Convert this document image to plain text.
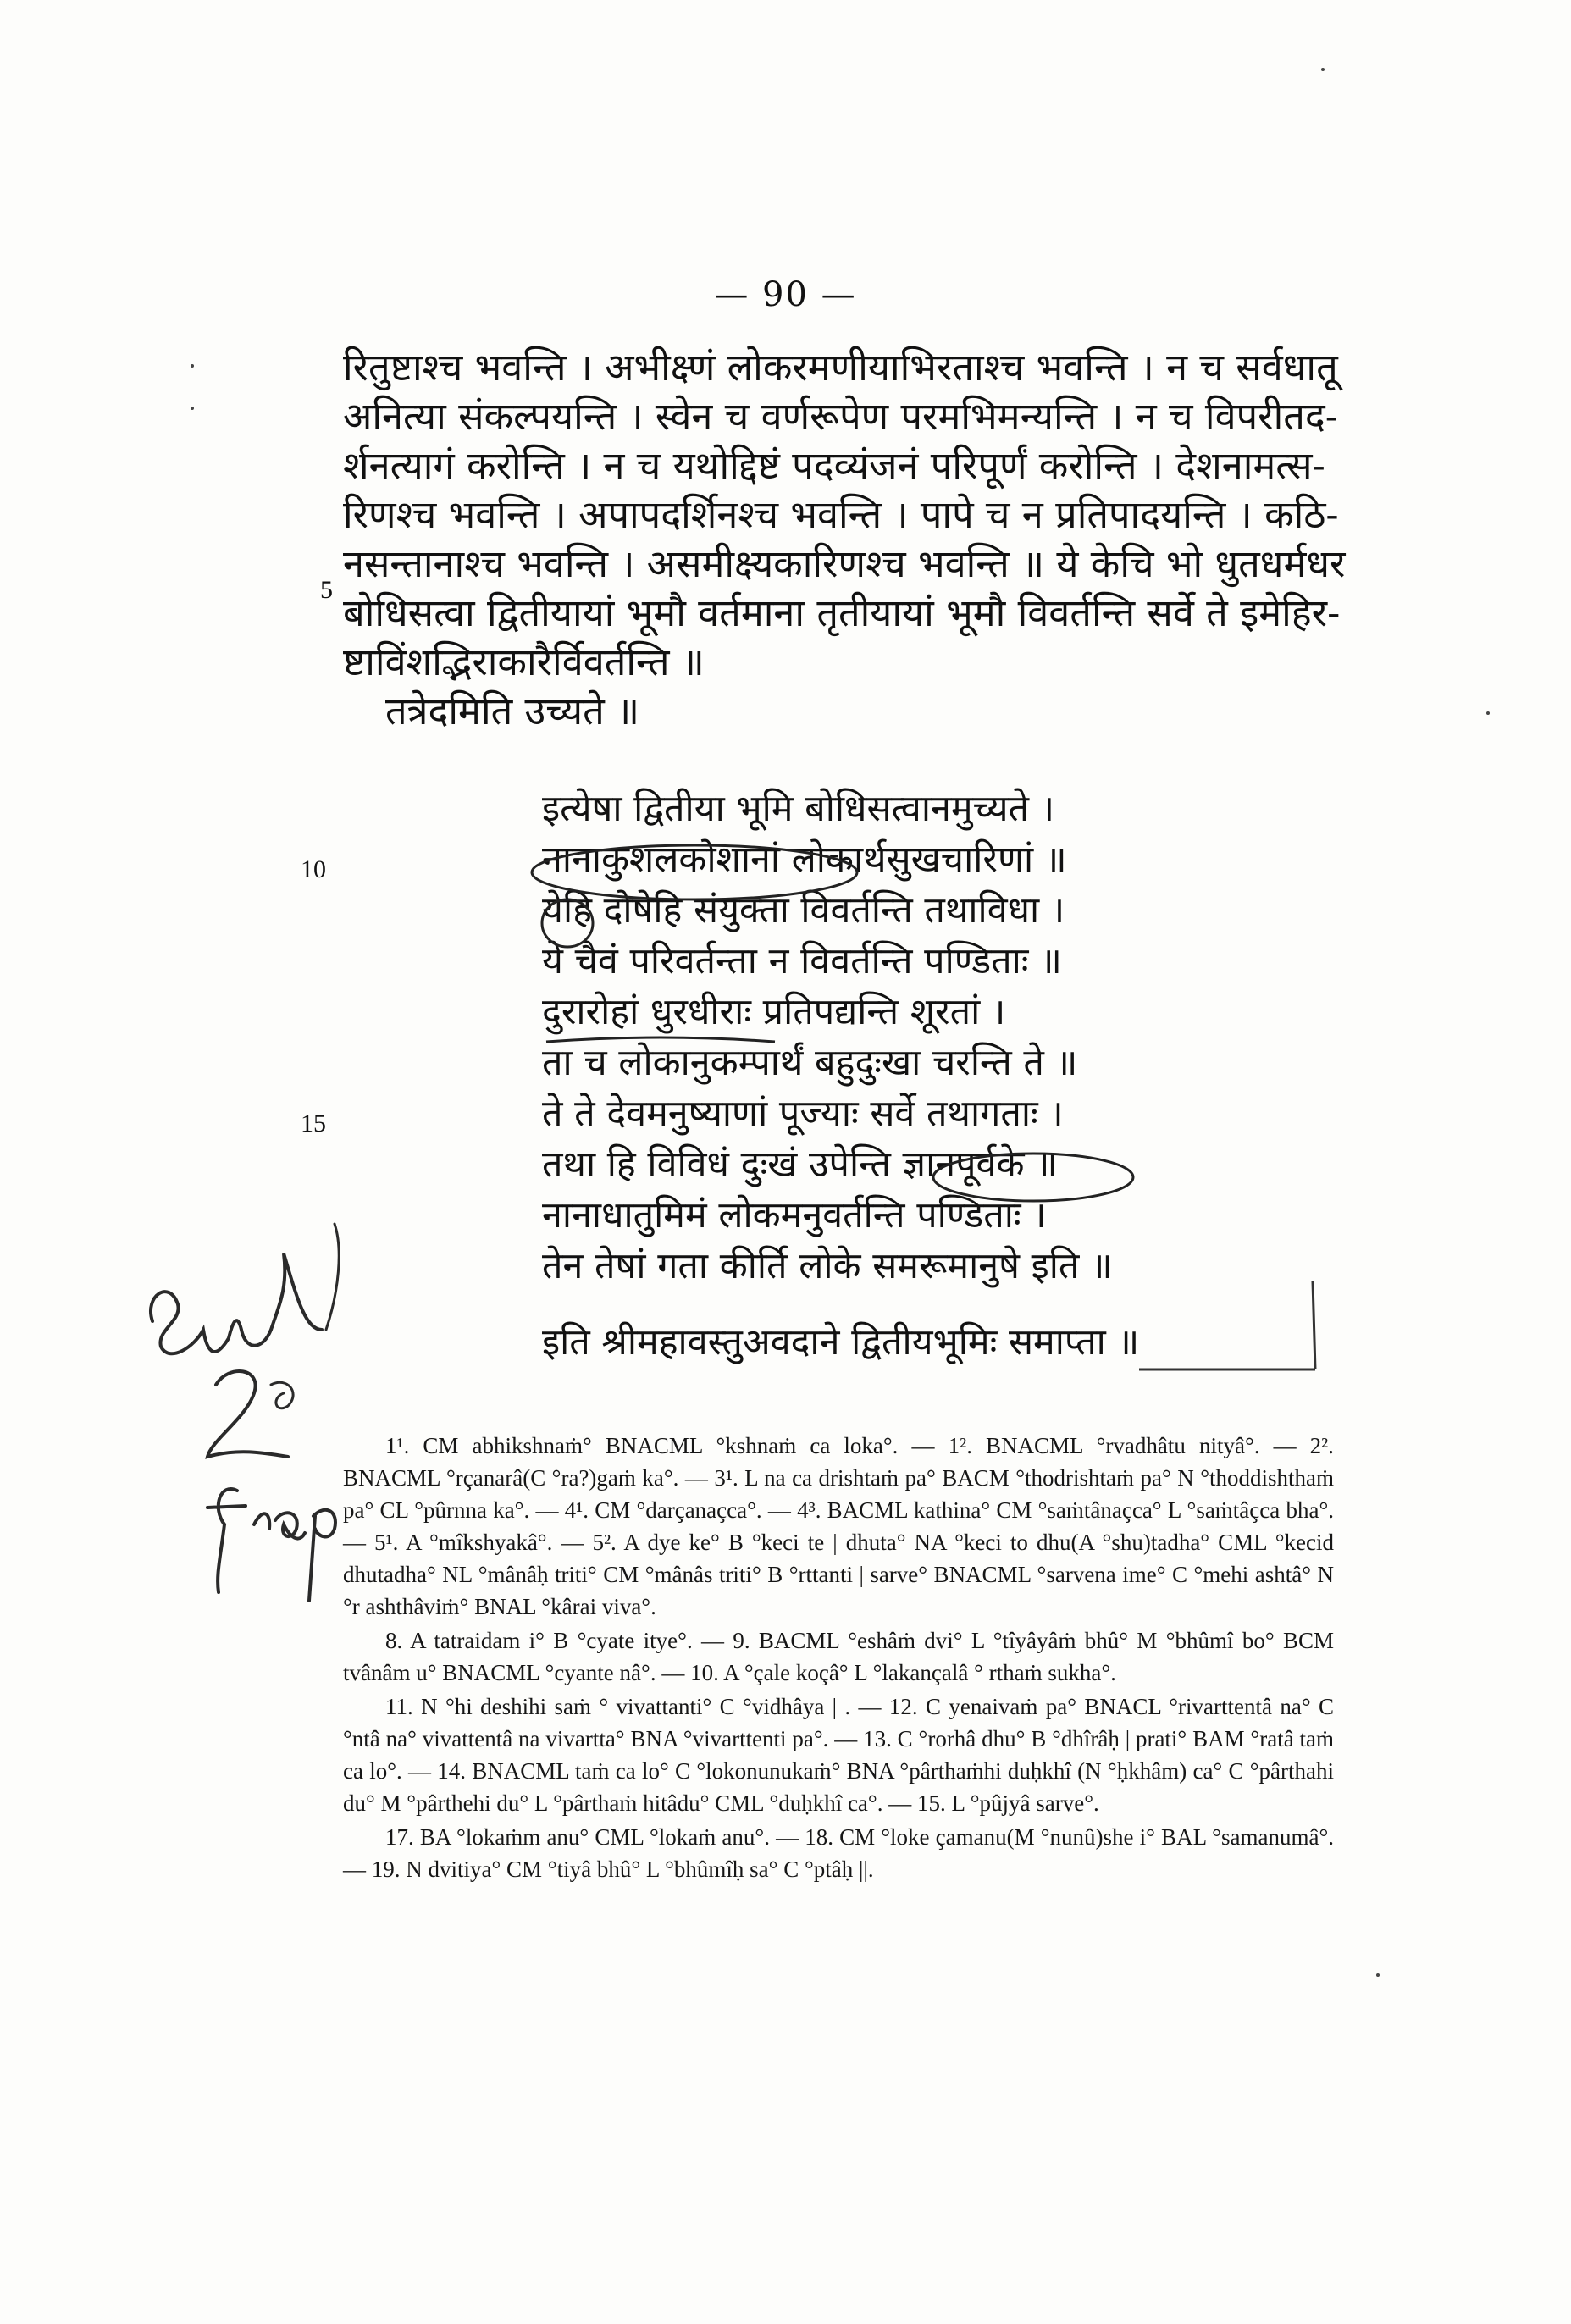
— 90 —
रितुष्टाश्च भवन्ति । अभीक्ष्णं लोकरमणीयाभिरताश्च भवन्ति । न च सर्वधातू
अनित्या संकल्पयन्ति । स्वेन च वर्णरूपेण परमभिमन्यन्ति । न च विपरीतद-
र्शनत्यागं करोन्ति । न च यथोद्दिष्टं पदव्यंजनं परिपूर्णं करोन्ति । देशनामत्स-
रिणश्च भवन्ति । अपापदर्शिनश्च भवन्ति । पापे च न प्रतिपादयन्ति । कठि-
नसन्तानाश्च भवन्ति । असमीक्ष्यकारिणश्च भवन्ति ॥ ये केचि भो धुतधर्मधर
बोधिसत्वा द्वितीयायां भूमौ वर्तमाना तृतीयायां भूमौ विवर्तन्ति सर्वे ते इमेहिर-
ष्टाविंशद्भिराकारैर्विवर्तन्ति ॥
तत्रेदमिति उच्यते ॥
5
10
15
इत्येषा द्वितीया भूमि बोधिसत्वानमुच्यते ।
नानाकुशलकोशानां लोकार्थसुखचारिणां ॥
येहि दोषेहि संयुक्ता विवर्तन्ति तथाविधा ।
ये चैवं परिवर्तन्ता न विवर्तन्ति पण्डिताः ॥
दुरारोहां धुरधीराः प्रतिपद्यन्ति शूरतां ।
ता च लोकानुकम्पार्थं बहुदुःखा चरन्ति ते ॥
ते ते देवमनुष्याणां पूज्याः सर्वे तथागताः ।
तथा हि विविधं दुःखं उपेन्ति ज्ञानपूर्वके ॥
नानाधातुमिमं लोकमनुवर्तन्ति पण्डिताः ।
तेन तेषां गता कीर्ति लोके समरूमानुषे इति ॥
इति श्रीमहावस्तुअवदाने द्वितीयभूमिः समाप्ता ॥

1¹. CM abhikshnaṁ° BNACML °kshnaṁ ca loka°. — 1². BNACML °rvadhâtu nityâ°. — 2². BNACML °rçanarâ(C °ra?)gaṁ ka°. — 3¹. L na ca drishtaṁ pa° BACM °thodrishtaṁ pa° N °thoddishthaṁ pa° CL °pûrnna ka°. — 4¹. CM °darçanaçca°. — 4³. BACML kathina° CM °saṁtânaçca° L °saṁtâçca bha°. — 5¹. A °mîkshyakâ°. — 5². A dye ke° B °keci te | dhuta° NA °keci to dhu(A °shu)tadha° CML °kecid dhutadha° NL °mânâḥ triti° CM °mânâs triti° B °rttanti | sarve° BNACML °sarvena ime° C °mehi ashtâ° N °r ashthâviṁ° BNAL °kârai viva°.

8. A tatraidam i° B °cyate itye°. — 9. BACML °eshâṁ dvi° L °tîyâyâṁ bhû° M °bhûmî bo° BCM tvânâm u° BNACML °cyante nâ°. — 10. A °çale koçâ° L °lakançalâ ° rthaṁ sukha°.

11. N °hi deshihi saṁ ° vivattanti° C °vidhâya | . — 12. C yenaivaṁ pa° BNACL °rivarttentâ na° C °ntâ na° vivattentâ na vivartta° BNA °vivarttenti pa°. — 13. C °rorhâ dhu° B °dhîrâḥ | prati° BAM °ratâ taṁ ca lo°. — 14. BNACML taṁ ca lo° C °lokonunukaṁ° BNA °pârthaṁhi duḥkhî (N °ḥkhâm) ca° C °pârthahi du° M °pârthehi du° L °pârthaṁ hitâdu° CML °duḥkhî ca°. — 15. L °pûjyâ sarve°.

17. BA °lokaṁm anu° CML °lokaṁ anu°. — 18. CM °loke çamanu(M °nunû)she i° BAL °samanumâ°. — 19. N dvitiya° CM °tiyâ bhû° L °bhûmîḥ sa° C °ptâḥ ||.
